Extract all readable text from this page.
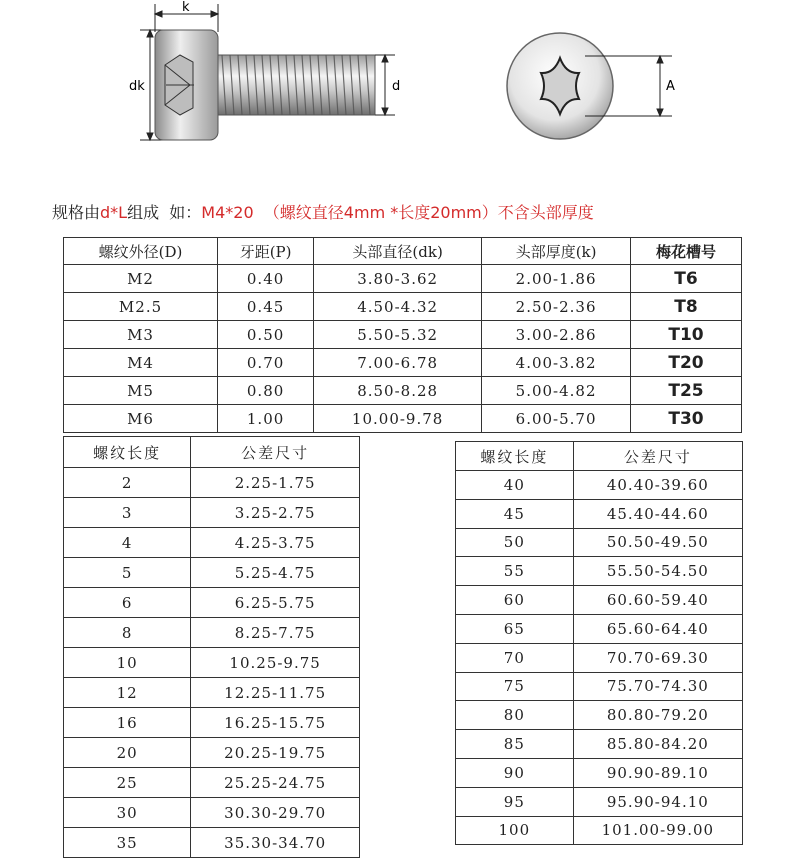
k
dk	d	A
规格由d*L组成  如：M4*20  （螺纹直径4mm *长度20mm）不含头部厚度
螺纹外径(D)	牙距(P)	头部直径(dk)	头部厚度(k)	梅花槽号
M2	0.40	3.80-3.62	2.00-1.86	T6
M2.5	0.45	4.50-4.32	2.50-2.36	T8
M3	0.50	5.50-5.32	3.00-2.86	T10
M4	0.70	7.00-6.78	4.00-3.82	T20
M5	0.80	8.50-8.28	5.00-4.82	T25
M6	1.00	10.00-9.78	6.00-5.70	T30
螺纹长度	公差尺寸
2	2.25-1.75
3	3.25-2.75
4	4.25-3.75
5	5.25-4.75
6	6.25-5.75
8	8.25-7.75
10	10.25-9.75
12	12.25-11.75
16	16.25-15.75
20	20.25-19.75
25	25.25-24.75
30	30.30-29.70
35	35.30-34.70
螺纹长度	公差尺寸
40	40.40-39.60
45	45.40-44.60
50	50.50-49.50
55	55.50-54.50
60	60.60-59.40
65	65.60-64.40
70	70.70-69.30
75	75.70-74.30
80	80.80-79.20
85	85.80-84.20
90	90.90-89.10
95	95.90-94.10
100	101.00-99.00
